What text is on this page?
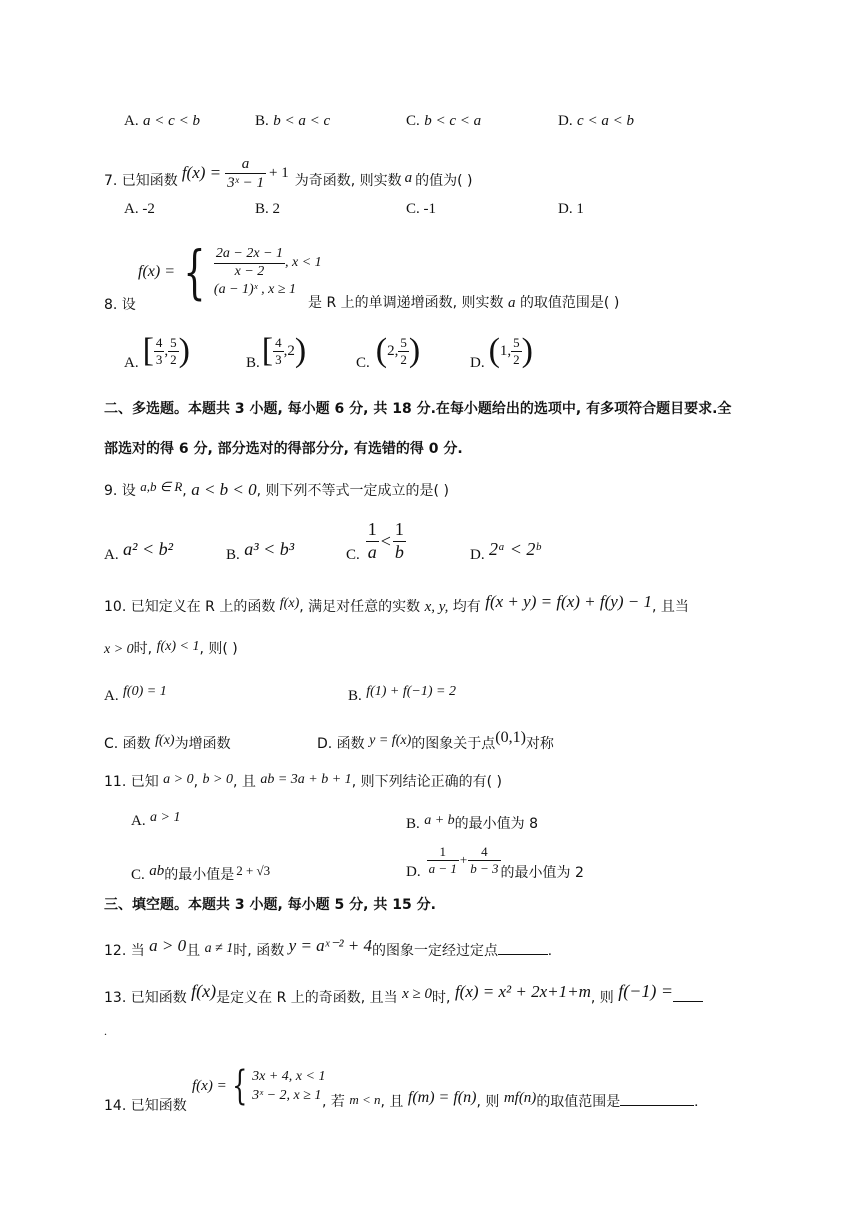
A. a < c < b	B. b < a < c	C. b < c < a	D. c < a < b
7. 已知函数 $f(x) = \frac{a}{\text{3ˣ − 1}} + 1$
为奇函数, 则实数 a 的值为( )
A. -2	B. 2	C. -1	D. 1
8. 设
f(x) = { $\frac{2a - 2x - 1}{x - 2}$ , x < 1
(a − 1)ˣ , x ≥ 1
是 R 上的单调递增函数, 则实数 a 的取值范围是( )
A. [ $\frac{4}{3}$ , $\frac{5}{2}$ )	B. [ $\frac{4}{3} ,2$ )	C. ( 2, $\frac{5}{2}$ )	D. ( 1, $\frac{5}{2}$ )
二、多选题。本题共 3 小题, 每小题 6 分, 共 18 分.在每小题给出的选项中, 有多项符合题目要求.全
部选对的得 6 分, 部分选对的得部分分, 有选错的得 0 分.
9. 设 a,b ∈ R, a < b < 0, 则下列不等式一定成立的是( )
A. a² < b²	B. a³ < b³	C. $\frac{1}{a} < \frac{1}{b}$	D. 2ᵃ < 2ᵇ
10. 已知定义在 R 上的函数 f(x), 满足对任意的实数 x, y, 均有 f(x + y) = f(x) + f(y) − 1, 且当
x > 0时, f(x) < 1, 则( )
A. f(0) = 1	B. f(1) + f(−1) = 2
C. 函数 f(x)为增函数	D. 函数 y = f(x)的图象关于点(0,1)对称
11. 已知 a > 0, b > 0, 且 ab = 3a + b + 1, 则下列结论正确的有( )
A. a > 1	B. a + b的最小值为 8
C. ab的最小值是 2 + √3	D. $\frac{1}{a - 1} + \frac{4}{b - 3}$ 的最小值为 2
三、填空题。本题共 3 小题, 每小题 5 分, 共 15 分.
12. 当 a > 0且 a ≠ 1时, 函数 y = aˣ⁻² + 4的图象一定经过定点	.
13. 已知函数 f(x)是定义在 R 上的奇函数, 且当 x ≥ 0时, f(x) = x² + 2x+1+m, 则 f(−1) =
.
14. 已知函数
f(x) = { 3x + 4, x < 1
3ˣ − 2, x ≥ 1 , 若 m < n, 且 f(m) = f(n), 则 mf(n)的取值范围是	.
